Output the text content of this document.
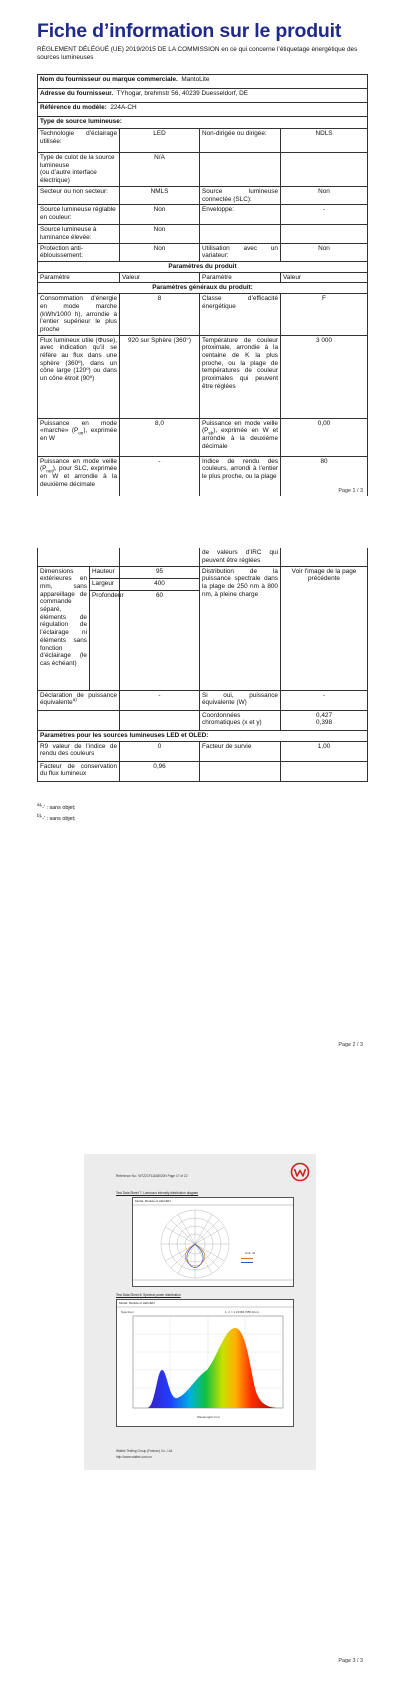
Fiche d’information sur le produit

RÈGLEMENT DÉLÉGUÉ (UE) 2019/2015 DE LA COMMISSION en ce qui concerne l’étiquetage énergétique des sources lumineuses

Nom du fournisseur ou marque commerciale. MantoLite			
Adresse du fournisseur. TYhogar, brehmstr 56, 40239 Duesseldorf, DE			
Référence du modèle: 224A-CH			
Type de source lumineuse:			
Technologie d’éclairage utilisée:	LED	Non-dirigée ou dirigée:	NDLS
Type de culot de la source lumineuse
(ou d’autre interface électrique)	N/A		
Secteur ou non secteur:	NMLS	Source lumineuse connectée (SLC):	Non
Source lumineuse réglable en couleur:	Non	Enveloppe:	-
Source lumineuse à luminance élevée:	Non		
Protection anti-éblouissement:	Non	Utilisation avec un variateur:	Non
Paramètres du produit			
Paramètre	Valeur	Paramètre	Valeur
Paramètres généraux du produit:			
Consommation d’énergie en mode marche (kWh/1000 h), arrondie à l’entier supérieur le plus proche	8	Classe d’efficacité énergétique	F
Flux lumineux utile (Φuse), avec indication qu’il se réfère au flux dans une sphère (360º), dans un cône large (120º) ou dans un cône étroit (90º)	920 sur Sphère (360°)	Température de couleur proximale, arrondie à la centaine de K la plus proche, ou la plage de températures de couleur proximales qui peuvent être réglées	3 000
Puissance en mode «marche» $(P_{on})$, exprimée en W	8,0	Puissance en mode veille $(P_{sb})$, exprimée en W et arrondie à la deuxième décimale	0,00
Puissance en mode veille $(P_{net})$, pour SLC, exprimée en W et arrondie à la deuxième décimale	-	Indice de rendu des couleurs, arrondi à l’entier le plus proche, ou la plage	80
Page 1 / 3
			de valeurs d’IRC qui peuvent être réglées	
Dimensions extérieures en mm, sans appareillage de commande séparé, éléments de régulation de l’éclairage ni éléments sans fonction d’éclairage (le cas échéant)	Hauteur	95	Distribution de la puissance spectrale dans la plage de 250 nm à 800 nm, à pleine charge	Voir l’image de la page précédente
	Largeur	400		
	Profondeur	60		
Déclaration de puissance équivalente$^{a)}$		-	Si oui, puissance équivalente (W)	-
			Coordonnées chromatiques (x et y)	0,427
0,398
Paramètres pour les sources lumineuses LED et OLED:				
R9 valeur de l’indice de rendu des couleurs		0	Facteur de survie	1,00
Facteur de conservation du flux lumineux		0,96		
$^{a)}$'-' : sans objet;
$^{b)}$'-' : sans objet;
Page 2 / 3
Reference No.: WTZ21F11168020N Page 17 of 22
Test Data Sheet 7: Luminous intensity distribution diagram
Model: Module of LED-B/H
Unit: cd
Test Data Sheet 8: Spectral power distribution
Model: Module of LED-B/H
Spectrum	1, 2 = 1.31384 (555.0nm)
Wavelength (nm)
Waltek Testing Group (Foshan) Co., Ltd.
http://www.waltek.com.cn
Page 3 / 3
